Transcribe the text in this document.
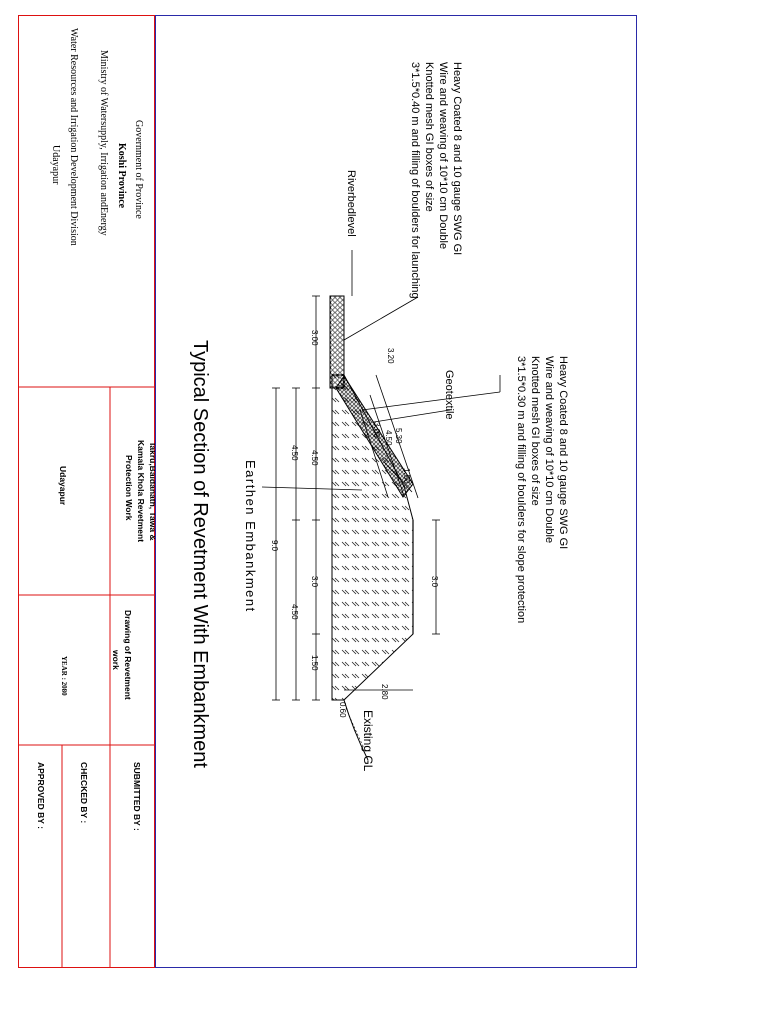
Government of Province
Koshi Province
Ministry of Watersupply, Irrigation andEnergy
Water Resources and Irrigation Development Division
Udayapur
Iakru,Baidanath, Tawa &
Kamala Khola Revetment
Protection Work
Udayapur
Drawing of Revetment
work
YEAR : 2080
SUBMITTED BY :
CHECKED BY :
APPROVED BY :
3.00
3.20
5.30
4.50
3.00
1.50
4.50
4.50
9.0
3.0	3.0
4.50
1.50
2.80
0.60
Riverbedlevel
Geotextile
Existing GL
Earthen Embankment
Heavy Coated 8 and 10 gauge SWG GI
Wire and weaving of 10*10 cm Double
Knotted mesh GI boxes of size
3*1.5*0.40 m and filling of boulders for launching
Heavy Coated 8 and 10 gauge SWG GI
Wire and weaving of 10*10 cm Double
Knotted mesh GI boxes of size
3*1.5*0.30 m and filling of boulders for slope protection
Typical Section of Revetment With Embankment
